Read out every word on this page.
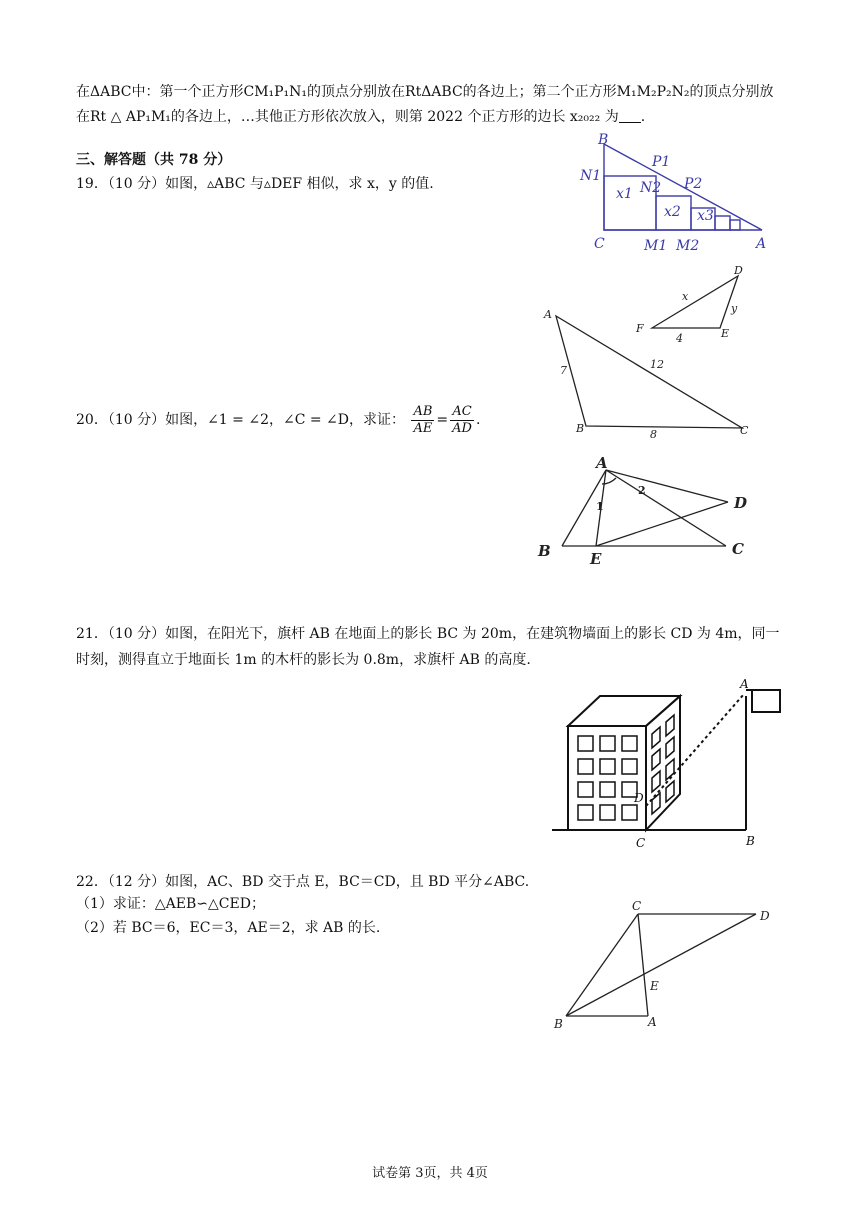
在ΔABC中：第一个正方形CM₁P₁N₁的顶点分别放在RtΔABC的各边上；第二个正方形M₁M₂P₂N₂的顶点分别放
在Rt △ AP₁M₁的各边上，…其他正方形依次放入，则第 2022 个正方形的边长 x₂₀₂₂ 为 .
三、解答题（共 78 分）
B
P1
N1
x1 N2 P2
x2 x3
C	M1 M2	A
19．（10 分）如图，▵ABC 与▵DEF 相似，求 x，y 的值.
A
B	C
D
E
F
7	12
8
x
y
4
20．（10 分）如图，∠1 = ∠2，∠C = ∠D，求证： $\frac{AB}{AE} = \frac{AC}{AD}$ .
A
D
B	E
C
1
2
21．（10 分）如图，在阳光下，旗杆 AB 在地面上的影长 BC 为 20m，在建筑物墙面上的影长 CD 为 4m，同一
时刻，测得直立于地面长 1m 的木杆的影长为 0.8m，求旗杆 AB 的高度.
A
D
C	B
22．（12 分）如图，AC、BD 交于点 E，BC＝CD，且 BD 平分∠ABC.
（1）求证：△AEB∽△CED；
（2）若 BC＝6，EC＝3，AE＝2，求 AB 的长.
C
D
E
B	A
试卷第 3页，共 4页
